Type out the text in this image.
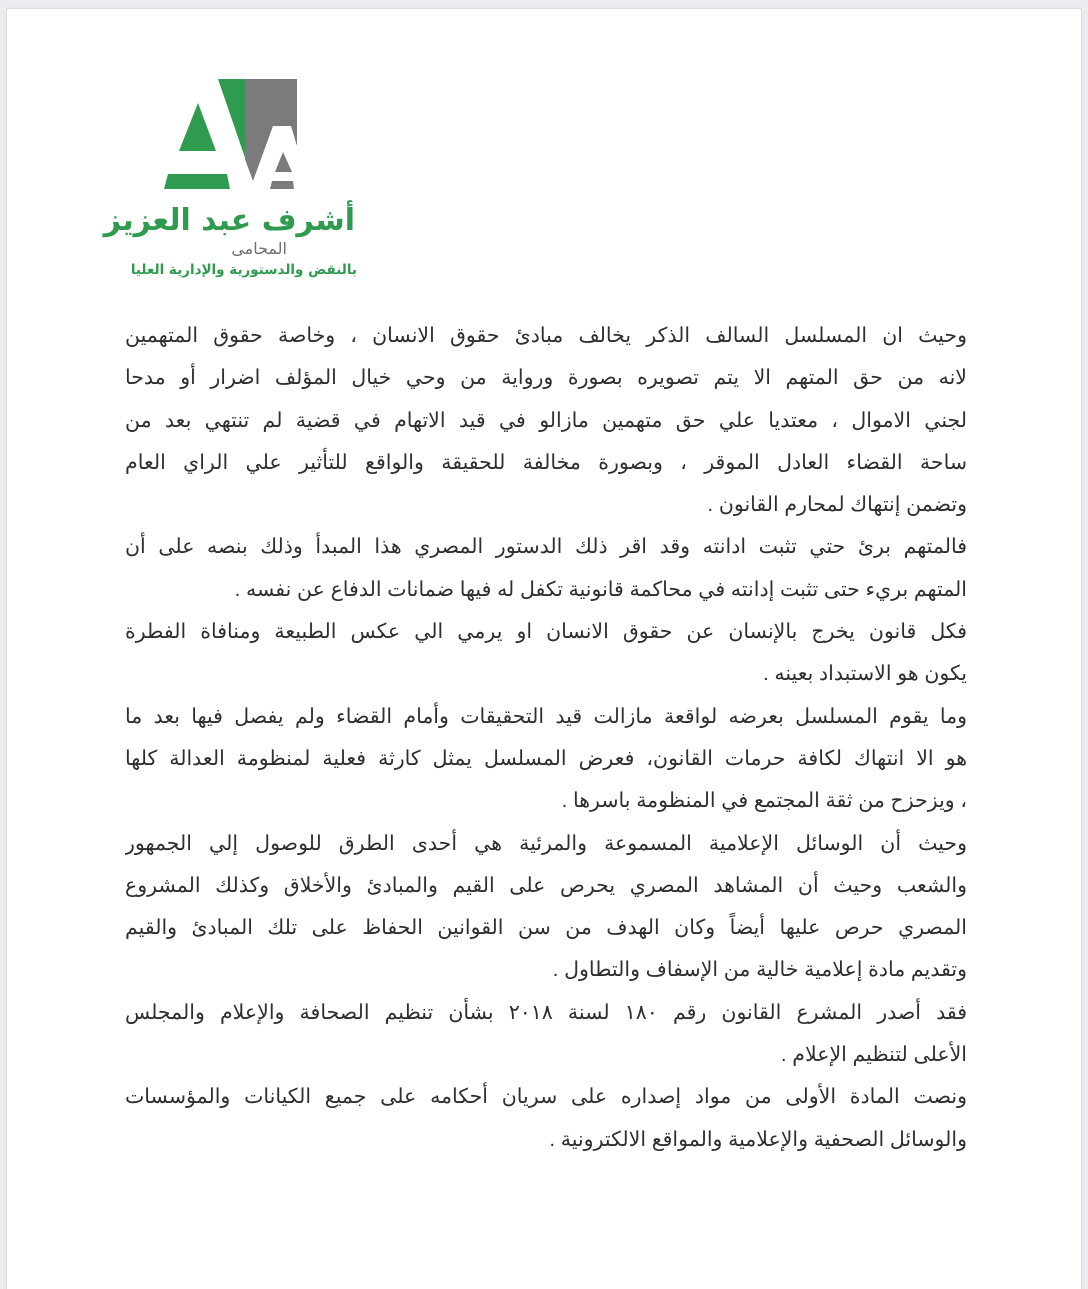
أشرف عبد العزيز

المحامى

بالنقض والدستورية والإدارية العليا

وحيث ان المسلسل السالف الذكر يخالف مبادئ حقوق الانسان ، وخاصة حقوق المتهمين
لانه من حق المتهم الا يتم تصويره بصورة ورواية من وحي خيال المؤلف اضرار أو مدحا
لجني الاموال ، معتديا علي حق متهمين مازالو في قيد الاتهام في قضية لم تنتهي بعد من
ساحة القضاء العادل الموقر ، وبصورة مخالفة للحقيقة والواقع للتأثير علي الراي العام
وتضمن إنتهاك لمحارم القانون .
فالمتهم برئ حتي تثبت ادانته وقد اقر ذلك الدستور المصري هذا المبدأ وذلك بنصه على أن
المتهم بريء حتى تثبت إدانته في محاكمة قانونية تكفل له فيها ضمانات الدفاع عن نفسه .
فكل قانون يخرج بالإنسان عن حقوق الانسان او يرمي الي عكس الطبيعة ومنافاة الفطرة
يكون هو الاستبداد بعينه .
وما يقوم المسلسل بعرضه لواقعة مازالت قيد التحقيقات وأمام القضاء ولم يفصل فيها بعد ما
هو الا انتهاك لكافة حرمات القانون، فعرض المسلسل يمثل كارثة فعلية لمنظومة العدالة كلها
، ويزحزح من ثقة المجتمع في المنظومة باسرها .
وحيث أن الوسائل الإعلامية المسموعة والمرئية هي أحدى الطرق للوصول إلي الجمهور
والشعب وحيث أن المشاهد المصري يحرص على القيم والمبادئ والأخلاق وكذلك المشروع
المصري حرص عليها أيضاً وكان الهدف من سن القوانين الحفاظ على تلك المبادئ والقيم
وتقديم مادة إعلامية خالية من الإسفاف والتطاول .
فقد أصدر المشرع القانون رقم ١٨٠ لسنة ٢٠١٨ بشأن تنظيم الصحافة والإعلام والمجلس
الأعلى لتنظيم الإعلام .
ونصت المادة الأولى من مواد إصداره على سريان أحكامه على جميع الكيانات والمؤسسات
والوسائل الصحفية والإعلامية والمواقع الالكترونية .
